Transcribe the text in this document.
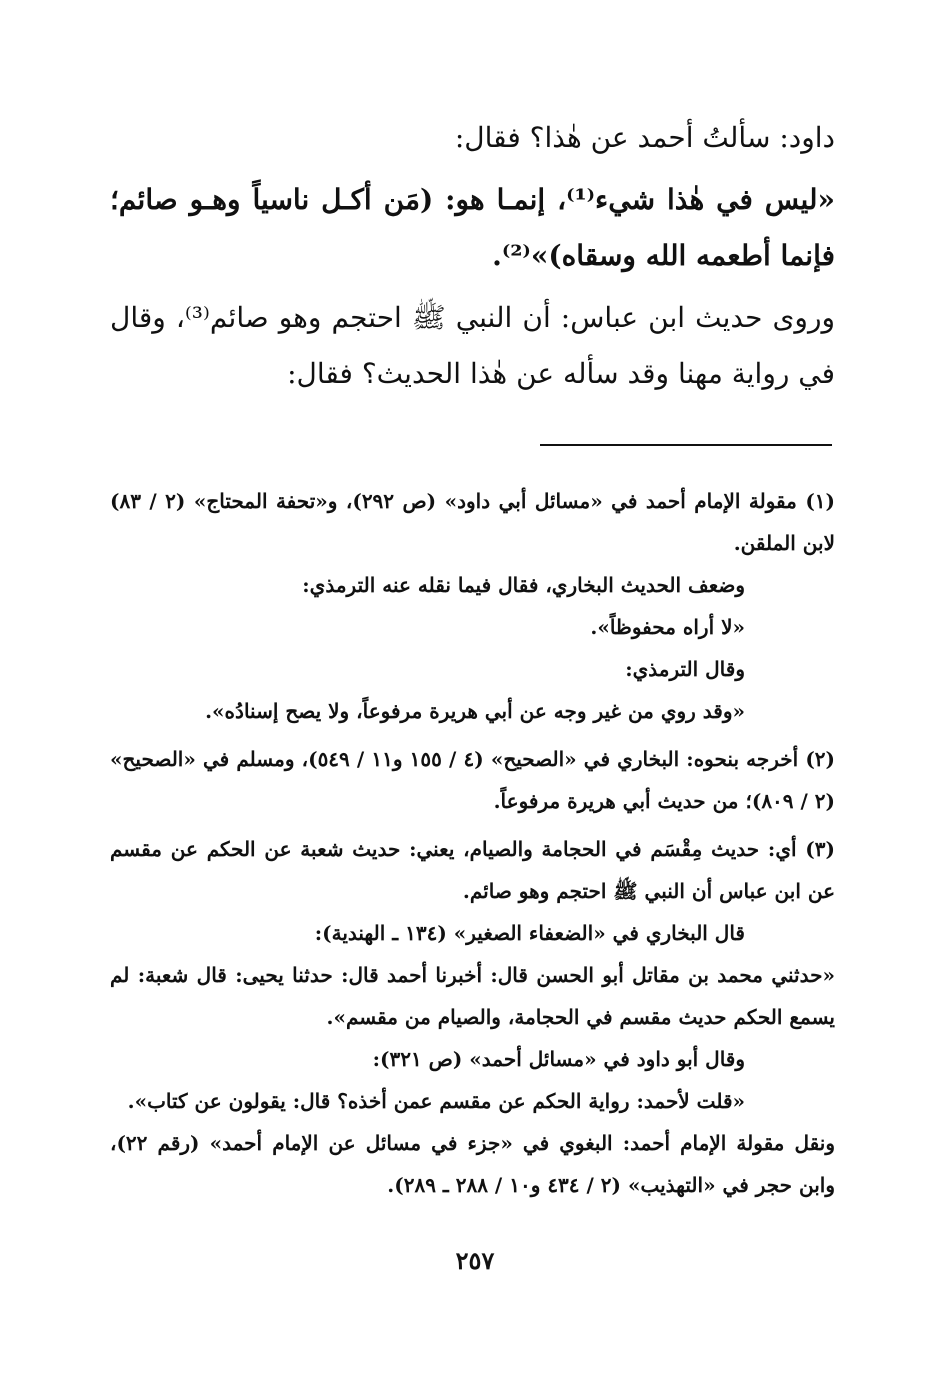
داود: سألتُ أحمد عن هٰذا؟ فقال:

«ليس في هٰذا شيء⁽¹⁾، إنمـا هو: (مَن أكـل ناسياً وهـو صائم؛ فإنما أطعمه الله وسقاه)»⁽²⁾.

وروى حديث ابن عباس: أن النبي ﷺ احتجم وهو صائم⁽³⁾، وقال في رواية مهنا وقد سأله عن هٰذا الحديث؟ فقال:

(١) مقولة الإمام أحمد في «مسائل أبي داود» (ص ٢٩٢)، و«تحفة المحتاج» (٢ / ٨٣) لابن الملقن.

وضعف الحديث البخاري، فقال فيما نقله عنه الترمذي:

«لا أراه محفوظاً».

وقال الترمذي:

«وقد روي من غير وجه عن أبي هريرة مرفوعاً، ولا يصح إسنادُه».

(٢) أخرجه بنحوه: البخاري في «الصحيح» (٤ / ١٥٥ و١١ / ٥٤٩)، ومسلم في «الصحيح» (٢ / ٨٠٩)؛ من حديث أبي هريرة مرفوعاً.

(٣) أي: حديث مِقْسَم في الحجامة والصيام، يعني: حديث شعبة عن الحكم عن مقسم عن ابن عباس أن النبي ﷺ احتجم وهو صائم.

قال البخاري في «الضعفاء الصغير» (١٣٤ ـ الهندية):

«حدثني محمد بن مقاتل أبو الحسن قال: أخبرنا أحمد قال: حدثنا يحيى: قال شعبة: لم يسمع الحكم حديث مقسم في الحجامة، والصيام من مقسم».

وقال أبو داود في «مسائل أحمد» (ص ٣٢١):

«قلت لأحمد: رواية الحكم عن مقسم عمن أخذه؟ قال: يقولون عن كتاب».

ونقل مقولة الإمام أحمد: البغوي في «جزء في مسائل عن الإمام أحمد» (رقم ٢٢)، وابن حجر في «التهذيب» (٢ / ٤٣٤ و١٠ / ٢٨٨ ـ ٢٨٩).

٢٥٧
